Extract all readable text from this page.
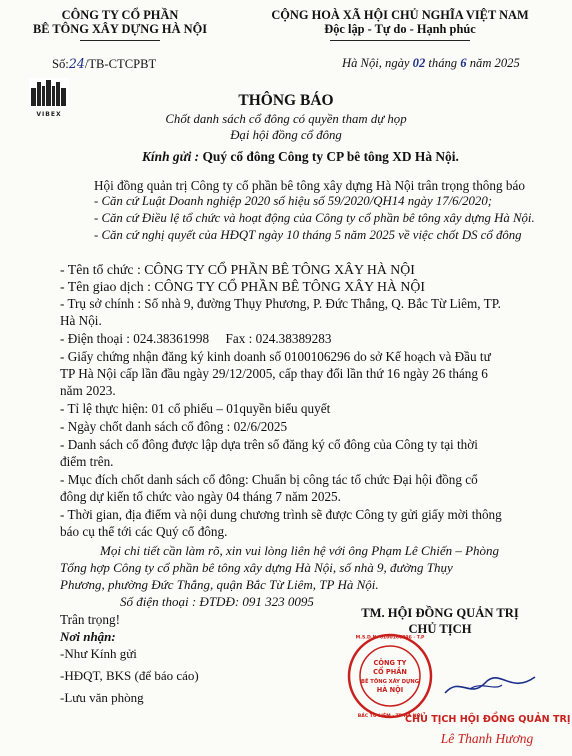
CÔNG TY CỔ PHẦN
BÊ TÔNG XÂY DỰNG HÀ NỘI
CỘNG HOÀ XÃ HỘI CHỦ NGHĨA VIỆT NAM
Độc lập - Tự do - Hạnh phúc
Số:24/TB-CTCPBT	Hà Nội, ngày 02 tháng 6 năm 2025
VIBEX
THÔNG BÁO
Chốt danh sách cổ đông có quyền tham dự họp
Đại hội đồng cổ đông
Kính gửi : Quý cổ đông Công ty CP bê tông XD Hà Nội.
Hội đồng quản trị Công ty cổ phần bê tông xây dựng Hà Nội trân trọng thông báo
- Căn cứ Luật Doanh nghiệp 2020 số hiệu số 59/2020/QH14 ngày 17/6/2020;
- Căn cứ Điều lệ tổ chức và hoạt động của Công ty cổ phần bê tông xây dựng Hà Nội.
- Căn cứ nghị quyết của HĐQT ngày 10 tháng 5 năm 2025 về việc chốt DS cổ đông
- Tên tổ chức : CÔNG TY CỔ PHẦN BÊ TÔNG XÂY HÀ NỘI
- Tên giao dịch : CÔNG TY CỔ PHẦN BÊ TÔNG XÂY HÀ NỘI
- Trụ sở chính : Số nhà 9, đường Thụy Phương, P. Đức Thắng, Q. Bắc Từ Liêm, TP.
Hà Nội.
- Điện thoại : 024.38361998     Fax : 024.38389283
- Giấy chứng nhận đăng ký kinh doanh số 0100106296 do sở Kế hoạch và Đầu tư
TP Hà Nội cấp lần đầu ngày 29/12/2005, cấp thay đổi lần thứ 16 ngày 26 tháng 6
năm 2023.
- Tỉ lệ thực hiện: 01 cổ phiếu – 01quyền biểu quyết
- Ngày chốt danh sách cổ đông : 02/6/2025
- Danh sách cổ đông được lập dựa trên sổ đăng ký cổ đông của Công ty tại thời
điểm trên.
- Mục đích chốt danh sách cổ đông: Chuẩn bị công tác tổ chức Đại hội đồng cổ
đông dự kiến tổ chức vào ngày 04 tháng 7 năm 2025.
- Thời gian, địa điểm và nội dung chương trình sẽ được Công ty gửi giấy mời thông
báo cụ thể tới các Quý cổ đông.
Mọi chi tiết cần làm rõ, xin vui lòng liên hệ với ông Phạm Lê Chiến – Phòng
Tổng hợp Công ty cổ phần bê tông xây dựng Hà Nội, số nhà 9, đường Thụy
Phương, phường Đức Thắng, quận Bắc Từ Liêm, TP Hà Nội.
Số điện thoại : ĐTDĐ: 091 323 0095
Trân trọng!
Nơi nhận:
-Như Kính gửi
-HĐQT, BKS (để báo cáo)
-Lưu văn phòng
TM. HỘI ĐỒNG QUẢN TRỊ
CHỦ TỊCH
M.S.D.N: 0100106296 · T.P
BẮC TỪ LIÊM · TP HÀ NỘI
CÔNG TY
CỔ PHẦN
BÊ TÔNG XÂY DỰNG
HÀ NỘI
CHỦ TỊCH HỘI ĐỒNG QUẢN TRỊ
Lê Thanh Hương
